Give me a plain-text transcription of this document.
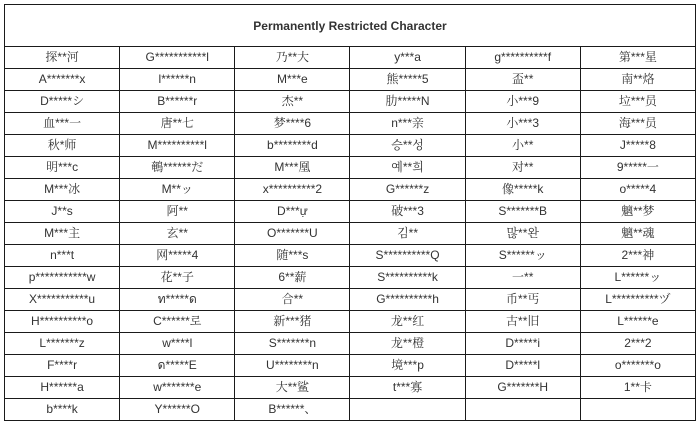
Permanently Restricted Character					
探**河	G***********l	乃**大	y***a	g**********f	第***星
A*******x	l******n	M***e	熊*****5	盃**	南**烙
D*****シ	B******r	杰**	肋*****N	小***9	垃***员
血***一	唐**七	梦****6	n***亲	小***3	海***员
秋*师	M**********l	b********d	승**성	小**	J*****8
明***c	鵪******だ	M***凰	예**희	对**	9*****一
M***冰	M**ッ	x**********2	G******z	像*****k	o*****4
J**s	阿**	D***ự	破***3	S*******B	魑**梦
M***主	玄**	O*******U	김**	많**완	魑**魂
n***t	网*****4	随***s	S**********Q	S******ッ	2***神
p***********w	花**子	6**薪	S**********k	一**	L******ッ
X***********u	ท*****ด	合**	G**********h	币**丐	L**********ヅ
H**********o	C******로	新***猪	龙**红	古**旧	L******e
L*******z	w****l	S*******n	龙**橙	D*****i	2***2
F****r	ด*****E	U********n	境***p	D*****l	o*******o
H******a	w*******e	大**鲨	t***寡	G*******H	1**卡
b****k	Y******O	B******、			
